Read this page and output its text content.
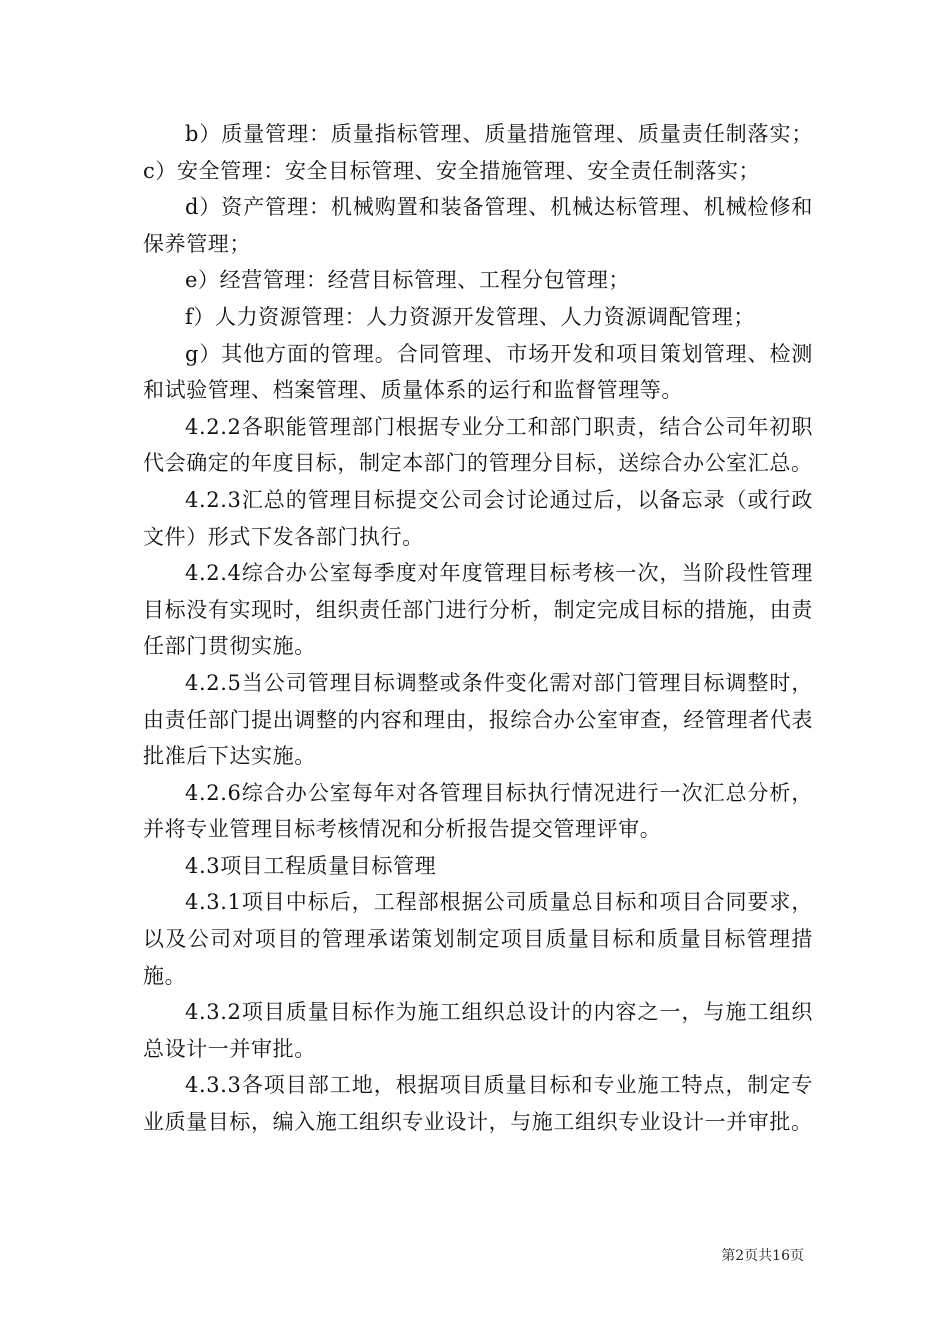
b）质量管理：质量指标管理、质量措施管理、质量责任制落实；c）安全管理：安全目标管理、安全措施管理、安全责任制落实；

d）资产管理：机械购置和装备管理、机械达标管理、机械检修和保养管理；

e）经营管理：经营目标管理、工程分包管理；

f）人力资源管理：人力资源开发管理、人力资源调配管理；

g）其他方面的管理。合同管理、市场开发和项目策划管理、检测和试验管理、档案管理、质量体系的运行和监督管理等。

4.2.2各职能管理部门根据专业分工和部门职责，结合公司年初职代会确定的年度目标，制定本部门的管理分目标，送综合办公室汇总。

4.2.3汇总的管理目标提交公司会讨论通过后，以备忘录（或行政文件）形式下发各部门执行。

4.2.4综合办公室每季度对年度管理目标考核一次，当阶段性管理目标没有实现时，组织责任部门进行分析，制定完成目标的措施，由责任部门贯彻实施。

4.2.5当公司管理目标调整或条件变化需对部门管理目标调整时，由责任部门提出调整的内容和理由，报综合办公室审查，经管理者代表批准后下达实施。

4.2.6综合办公室每年对各管理目标执行情况进行一次汇总分析，并将专业管理目标考核情况和分析报告提交管理评审。

4.3项目工程质量目标管理

4.3.1项目中标后，工程部根据公司质量总目标和项目合同要求，以及公司对项目的管理承诺策划制定项目质量目标和质量目标管理措施。

4.3.2项目质量目标作为施工组织总设计的内容之一，与施工组织总设计一并审批。

4.3.3各项目部工地，根据项目质量目标和专业施工特点，制定专业质量目标，编入施工组织专业设计，与施工组织专业设计一并审批。

第2页共16页
